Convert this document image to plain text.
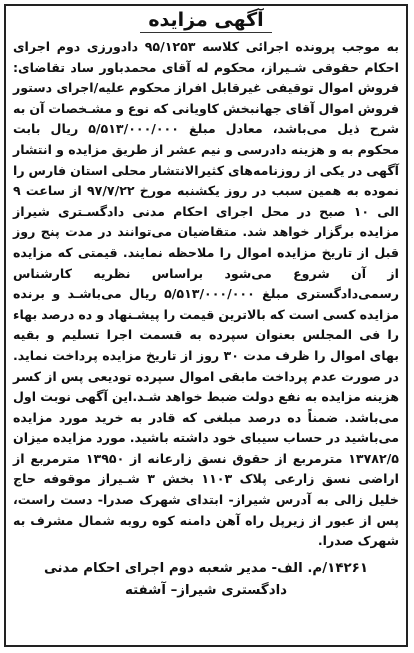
آگهی مزایده

به موجب پرونده اجرائی کلاسه ۹۵/۱۲۵۳ دادورزی دوم اجرای احکام حقوقی شـیراز، محکوم له آقای محمدباور ساد تقاضای: فروش اموال توقیفی غیرقابل افراز محکوم علیه/اجرای دستور فروش اموال آقای جهانبخش کاویانی که نوع و مشـخصات آن به شرح ذیل می‌باشد، معادل مبلغ ۵/۵۱۳/۰۰۰/۰۰۰ ریال بابت محکوم به و هزینه دادرسی و نیم عشر از طریق مزایده و انتشار آگهی در یکی از روزنامه‌های کثیرالانتشار محلی استان فارس را نموده به همین سبب در روز یکشنبه مورخ ۹۷/۷/۲۲ از ساعت ۹ الی ۱۰ صبح در محل اجرای احکام مدنی دادگسـتری شیراز مزایده برگزار خواهد شد. متقاضیان می‌توانند در مدت پنج روز قبل از تاریخ مزایده اموال را ملاحظه نمایند. قیمتی که مزایده از آن شروع می‌شود براساس نظریه کارشناس رسمی‌دادگستری مبلغ ۵/۵۱۳/۰۰۰/۰۰۰ ریال می‌باشـد و برنده مزایده کسی است که بالاترین قیمت را پیشـنهاد و ده درصد بهاء را فی المجلس بعنوان سپرده به قسمت اجرا تسلیم و بقیه بهای اموال را ظرف مدت ۳۰ روز از تاریخ مزایده پرداخت نماید. در صورت عدم پرداخت مابقی اموال سپرده تودیعی پس از کسر هزینه مزایده به نفع دولت ضبط خواهد شـد.این آگهی نوبت اول می‌باشد. ضمناً ده درصد مبلغی که قادر به خرید مورد مزایده می‌باشید در حساب سیبای خود داشته باشید. مورد مزایده میزان ۱۳۷۸۲/۵ مترمربع از حقوق نسق زارعانه از ۱۳۹۵۰ مترمربع از اراضی نسق زارعی پلاک ۱۱۰۳ بخش ۳ شـیراز موقوفه حاج خلیل زالی به آدرس شیراز- ابتدای شهرک صدرا- دست راست، پس از عبور از زیرپل راه آهن دامنه کوه روبه شمال مشرف به شهرک صدرا.

۱۴۲۶۱/م. الف- مدیر شعبه دوم اجرای احکام مدنی
دادگستری شیراز– آشفته
